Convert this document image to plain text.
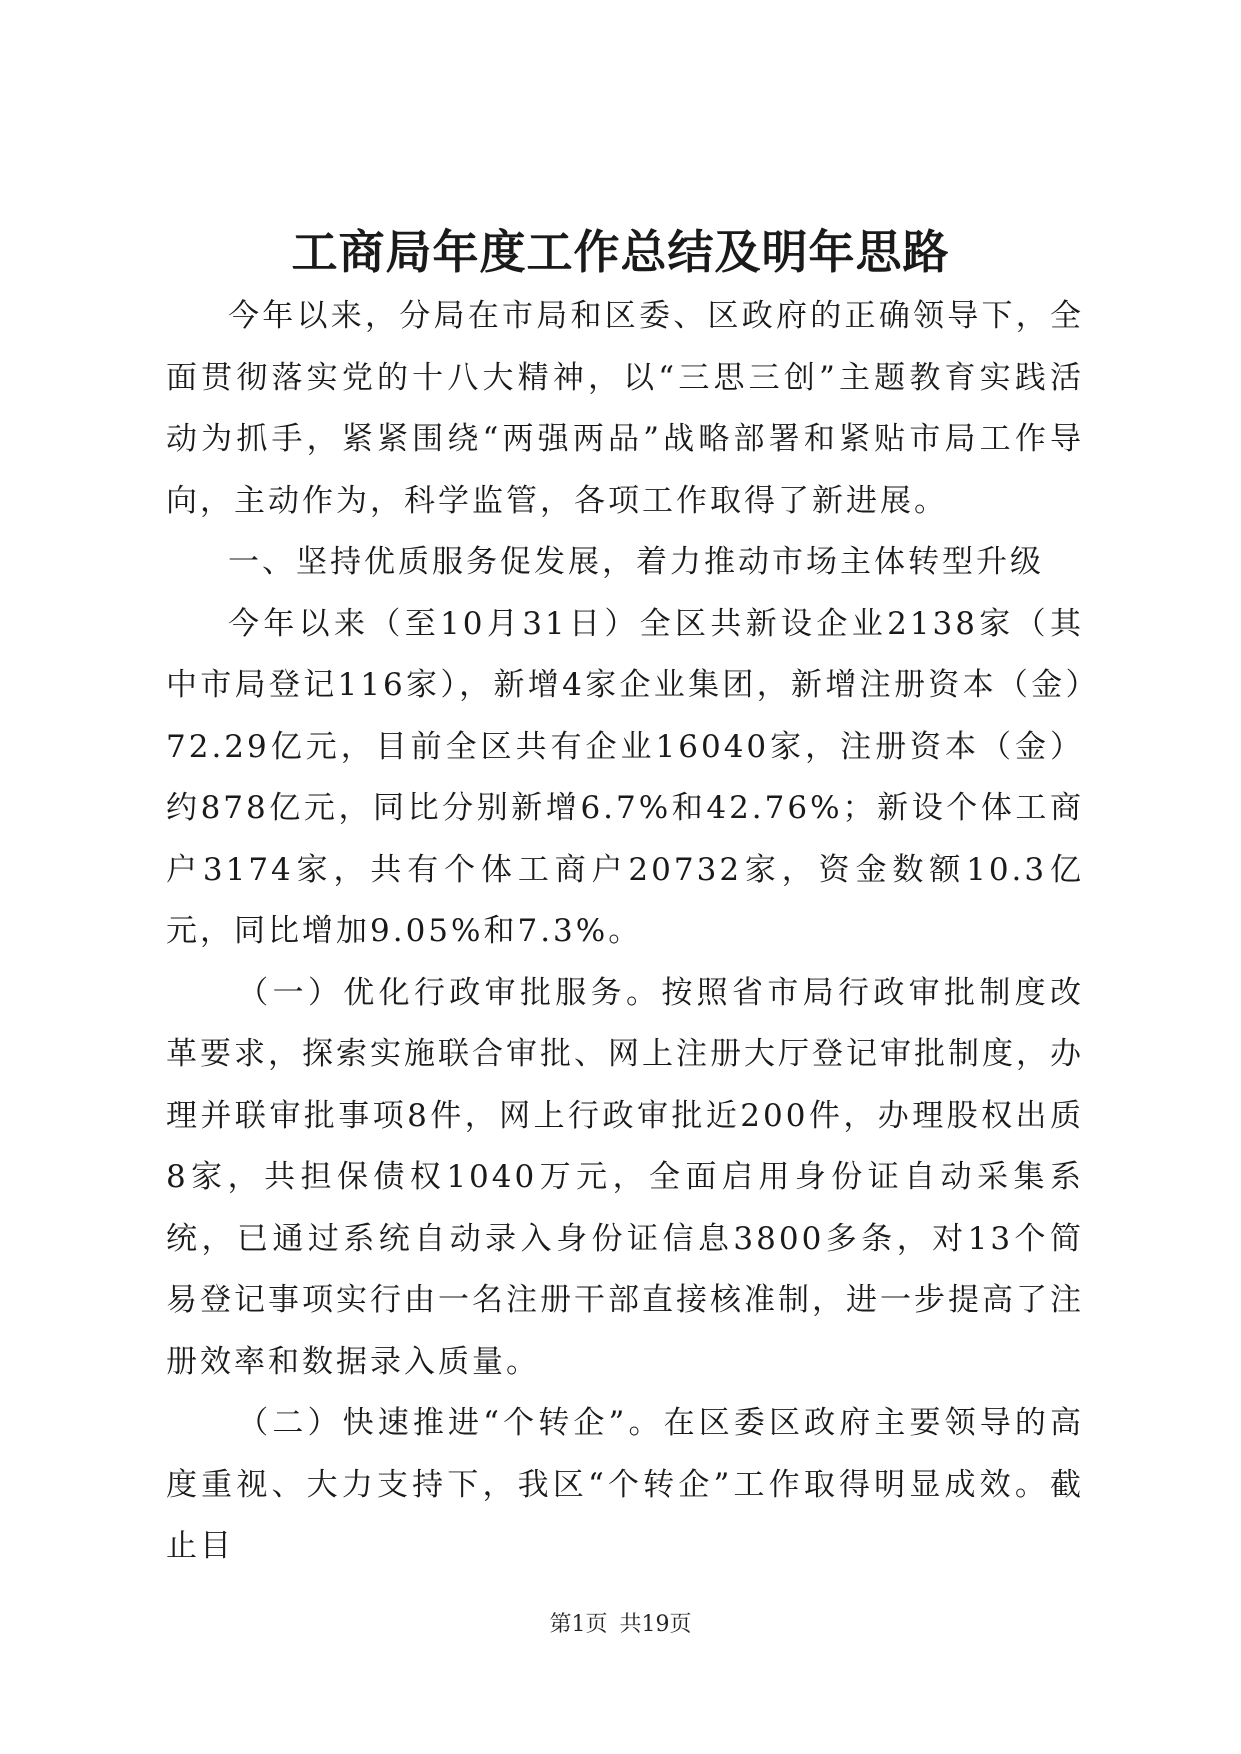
工商局年度工作总结及明年思路

今年以来，分局在市局和区委、区政府的正确领导下，全面贯彻落实党的十八大精神，以“三思三创”主题教育实践活动为抓手，紧紧围绕“两强两品”战略部署和紧贴市局工作导向，主动作为，科学监管，各项工作取得了新进展。

一、坚持优质服务促发展，着力推动市场主体转型升级

今年以来（至10月31日）全区共新设企业2138家（其中市局登记116家），新增4家企业集团，新增注册资本（金）72.29亿元，目前全区共有企业16040家，注册资本（金）约878亿元，同比分别新增6.7%和42.76%；新设个体工商户3174家，共有个体工商户20732家，资金数额10.3亿元，同比增加9.05%和7.3%。

（一）优化行政审批服务。按照省市局行政审批制度改革要求，探索实施联合审批、网上注册大厅登记审批制度，办理并联审批事项8件，网上行政审批近200件，办理股权出质8家，共担保债权1040万元，全面启用身份证自动采集系统，已通过系统自动录入身份证信息3800多条，对13个简易登记事项实行由一名注册干部直接核准制，进一步提高了注册效率和数据录入质量。

（二）快速推进“个转企”。在区委区政府主要领导的高度重视、大力支持下，我区“个转企”工作取得明显成效。截止目

第1页 共19页
